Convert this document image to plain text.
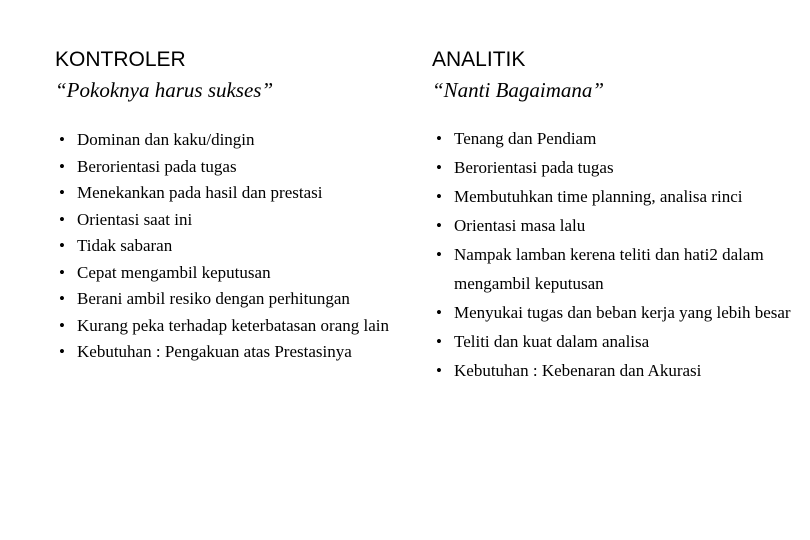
KONTROLER

“Pokoknya harus sukses”

• Dominan dan kaku/dingin
• Berorientasi pada tugas
• Menekankan pada hasil dan prestasi
• Orientasi saat ini
• Tidak sabaran
• Cepat mengambil keputusan
• Berani ambil resiko dengan perhitungan
• Kurang peka terhadap keterbatasan orang lain
• Kebutuhan : Pengakuan atas Prestasinya
ANALITIK

“Nanti Bagaimana”

• Tenang dan Pendiam
• Berorientasi pada tugas
• Membutuhkan time planning, analisa rinci
• Orientasi masa lalu
• Nampak lamban kerena teliti dan hati2 dalam mengambil keputusan
• Menyukai tugas dan beban kerja yang lebih besar
• Teliti dan kuat dalam analisa
• Kebutuhan : Kebenaran dan Akurasi
